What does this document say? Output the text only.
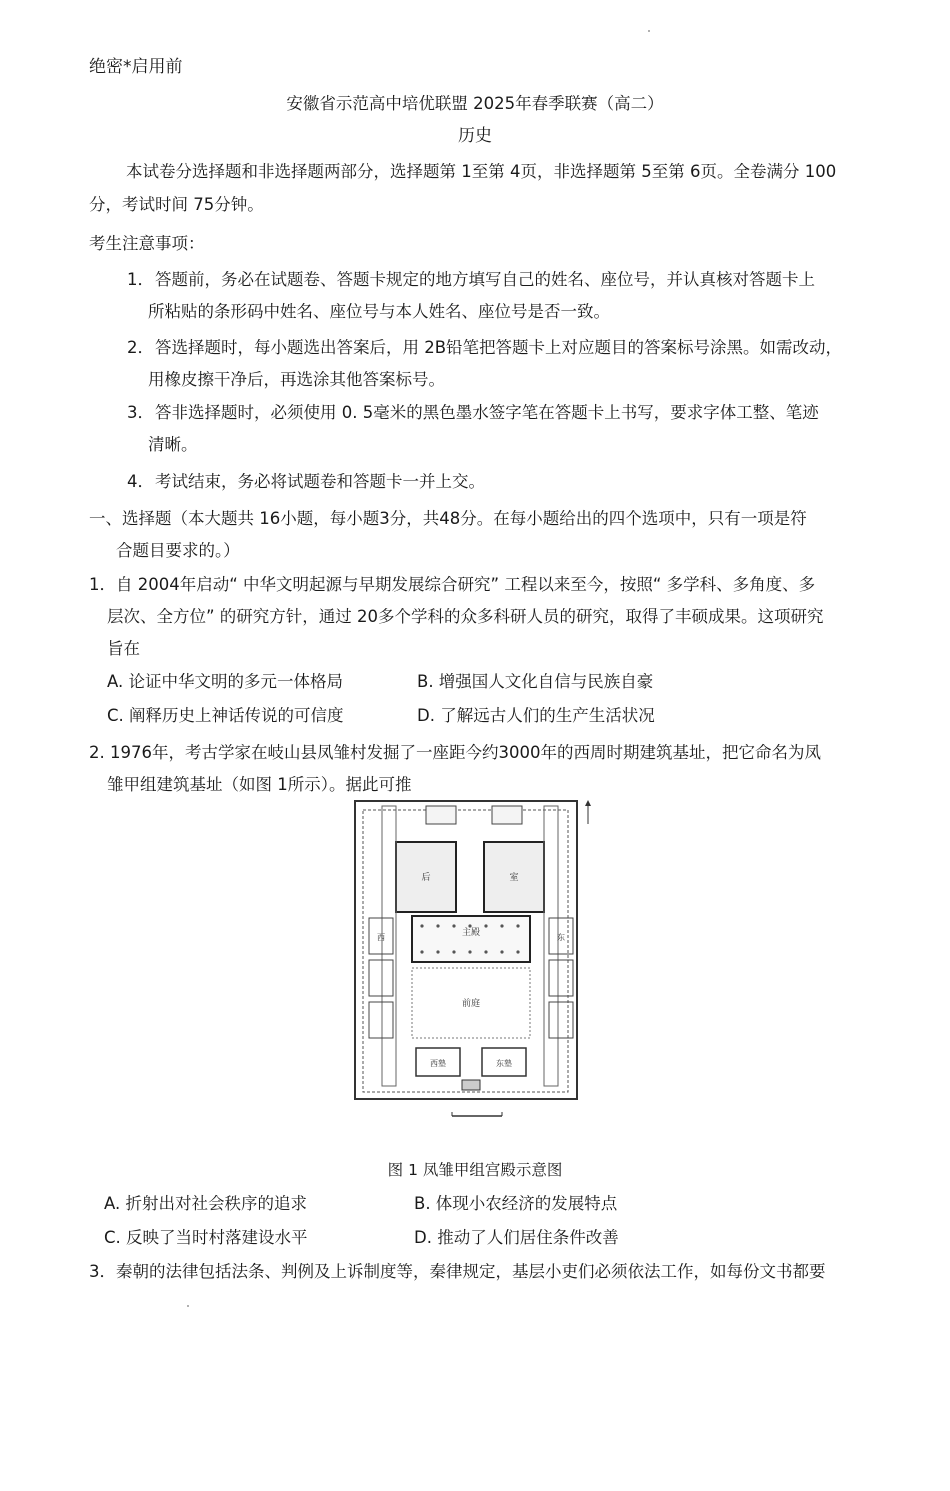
绝密*启用前
安徽省示范高中培优联盟 2025年春季联赛（高二）
历史
本试卷分选择题和非选择题两部分，选择题第 1至第 4页，非选择题第 5至第 6页。全卷满分 100
分，考试时间 75分钟。
考生注意事项：
1． 答题前，务必在试题卷、答题卡规定的地方填写自己的姓名、座位号，并认真核对答题卡上
所粘贴的条形码中姓名、座位号与本人姓名、座位号是否一致。
2． 答选择题时，每小题选出答案后，用 2B铅笔把答题卡上对应题目的答案标号涂黑。如需改动，
用橡皮擦干净后，再选涂其他答案标号。
3． 答非选择题时，必须使用 0. 5毫米的黑色墨水签字笔在答题卡上书写，要求字体工整、笔迹
清晰。
4． 考试结束，务必将试题卷和答题卡一并上交。
一、选择题（本大题共 16小题，每小题3分，共48分。在每小题给出的四个选项中，只有一项是符
合题目要求的。）
1．自 2004年启动“ 中华文明起源与早期发展综合研究” 工程以来至今，按照“ 多学科、多角度、多
层次、全方位” 的研究方针，通过 20多个学科的众多科研人员的研究，取得了丰硕成果。这项研究
旨在
A. 论证中华文明的多元一体格局	B. 增强国人文化自信与民族自豪
C. 阐释历史上神话传说的可信度	D. 了解远古人们的生产生活状况
2. 1976年，考古学家在岐山县凤雏村发掘了一座距今约3000年的西周时期建筑基址，把它命名为凤
雏甲组建筑基址（如图 1所示）。据此可推
后	室
主殿
前庭
西	东
西塾	东塾
图 1 凤雏甲组宫殿示意图
A. 折射出对社会秩序的追求	B. 体现小农经济的发展特点
C. 反映了当时村落建设水平	D. 推动了人们居住条件改善
3．秦朝的法律包括法条、判例及上诉制度等，秦律规定，基层小吏们必须依法工作，如每份文书都要
